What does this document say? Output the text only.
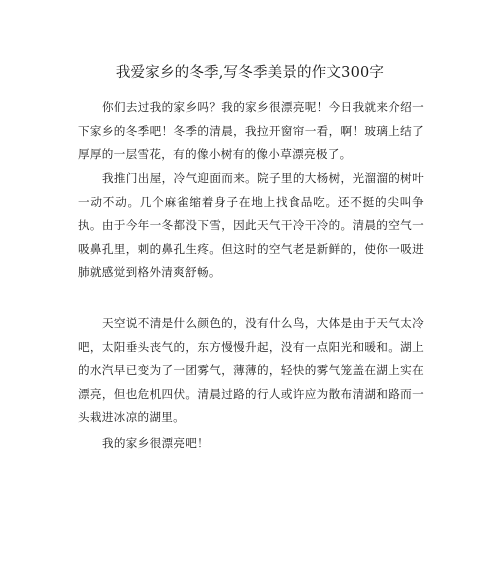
我爱家乡的冬季,写冬季美景的作文300字

你们去过我的家乡吗？我的家乡很漂亮呢！今日我就来介绍一下家乡的冬季吧！冬季的清晨，我拉开窗帘一看，啊！玻璃上结了厚厚的一层雪花，有的像小树有的像小草漂亮极了。

我推门出屋，冷气迎面而来。院子里的大杨树，光溜溜的树叶一动不动。几个麻雀缩着身子在地上找食品吃。还不挺的尖叫争执。由于今年一冬都没下雪，因此天气干冷干冷的。清晨的空气一吸鼻孔里，刺的鼻孔生疼。但这时的空气老是新鲜的，使你一吸进肺就感觉到格外清爽舒畅。

天空说不清是什么颜色的，没有什么鸟，大体是由于天气太冷吧，太阳垂头丧气的，东方慢慢升起，没有一点阳光和暖和。湖上的水汽早已变为了一团雾气，薄薄的，轻快的雾气笼盖在湖上实在漂亮，但也危机四伏。清晨过路的行人或许应为散布清湖和路而一头栽进冰凉的湖里。

我的家乡很漂亮吧！
